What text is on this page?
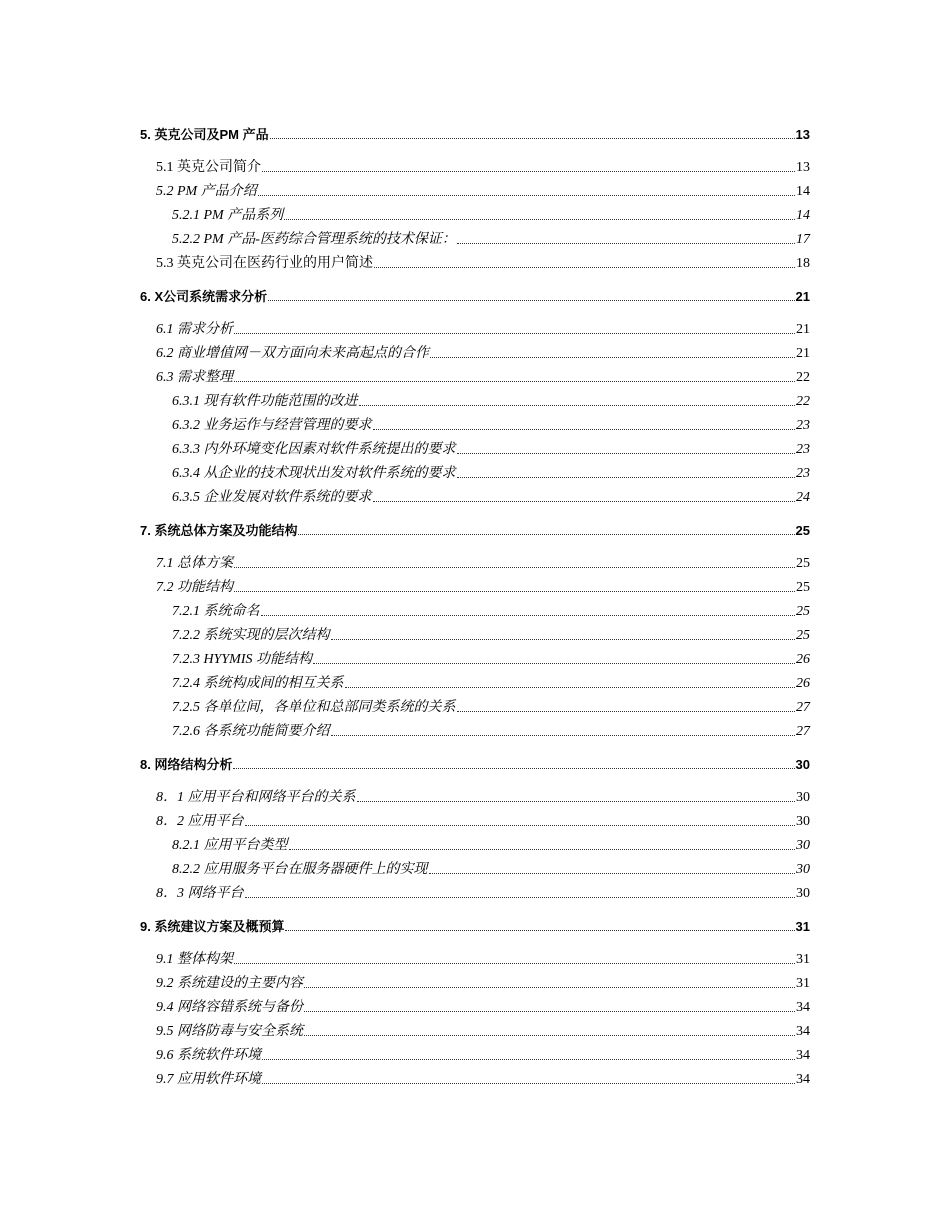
5. 英克公司及PM 产品	13
5.1 英克公司简介	13
5.2 PM 产品介绍	14
5.2.1 PM 产品系列	14
5.2.2 PM 产品-医药综合管理系统的技术保证：	17
5.3 英克公司在医药行业的用户简述	18
6. X公司系统需求分析	21
6.1 需求分析	21
6.2 商业增值网－双方面向未来高起点的合作	21
6.3 需求整理	22
6.3.1 现有软件功能范围的改进	22
6.3.2 业务运作与经营管理的要求	23
6.3.3 内外环境变化因素对软件系统提出的要求	23
6.3.4 从企业的技术现状出发对软件系统的要求	23
6.3.5 企业发展对软件系统的要求	24
7. 系统总体方案及功能结构	25
7.1 总体方案	25
7.2 功能结构	25
7.2.1 系统命名	25
7.2.2 系统实现的层次结构	25
7.2.3 HYYMIS 功能结构	26
7.2.4 系统构成间的相互关系	26
7.2.5 各单位间，各单位和总部同类系统的关系	27
7.2.6 各系统功能简要介绍	27
8. 网络结构分析	30
8．1 应用平台和网络平台的关系	30
8．2 应用平台	30
8.2.1 应用平台类型	30
8.2.2 应用服务平台在服务器硬件上的实现	30
8．3 网络平台	30
9. 系统建议方案及概预算	31
9.1 整体构架	31
9.2 系统建设的主要内容	31
9.4 网络容错系统与备份	34
9.5 网络防毒与安全系统	34
9.6 系统软件环境	34
9.7 应用软件环境	34
